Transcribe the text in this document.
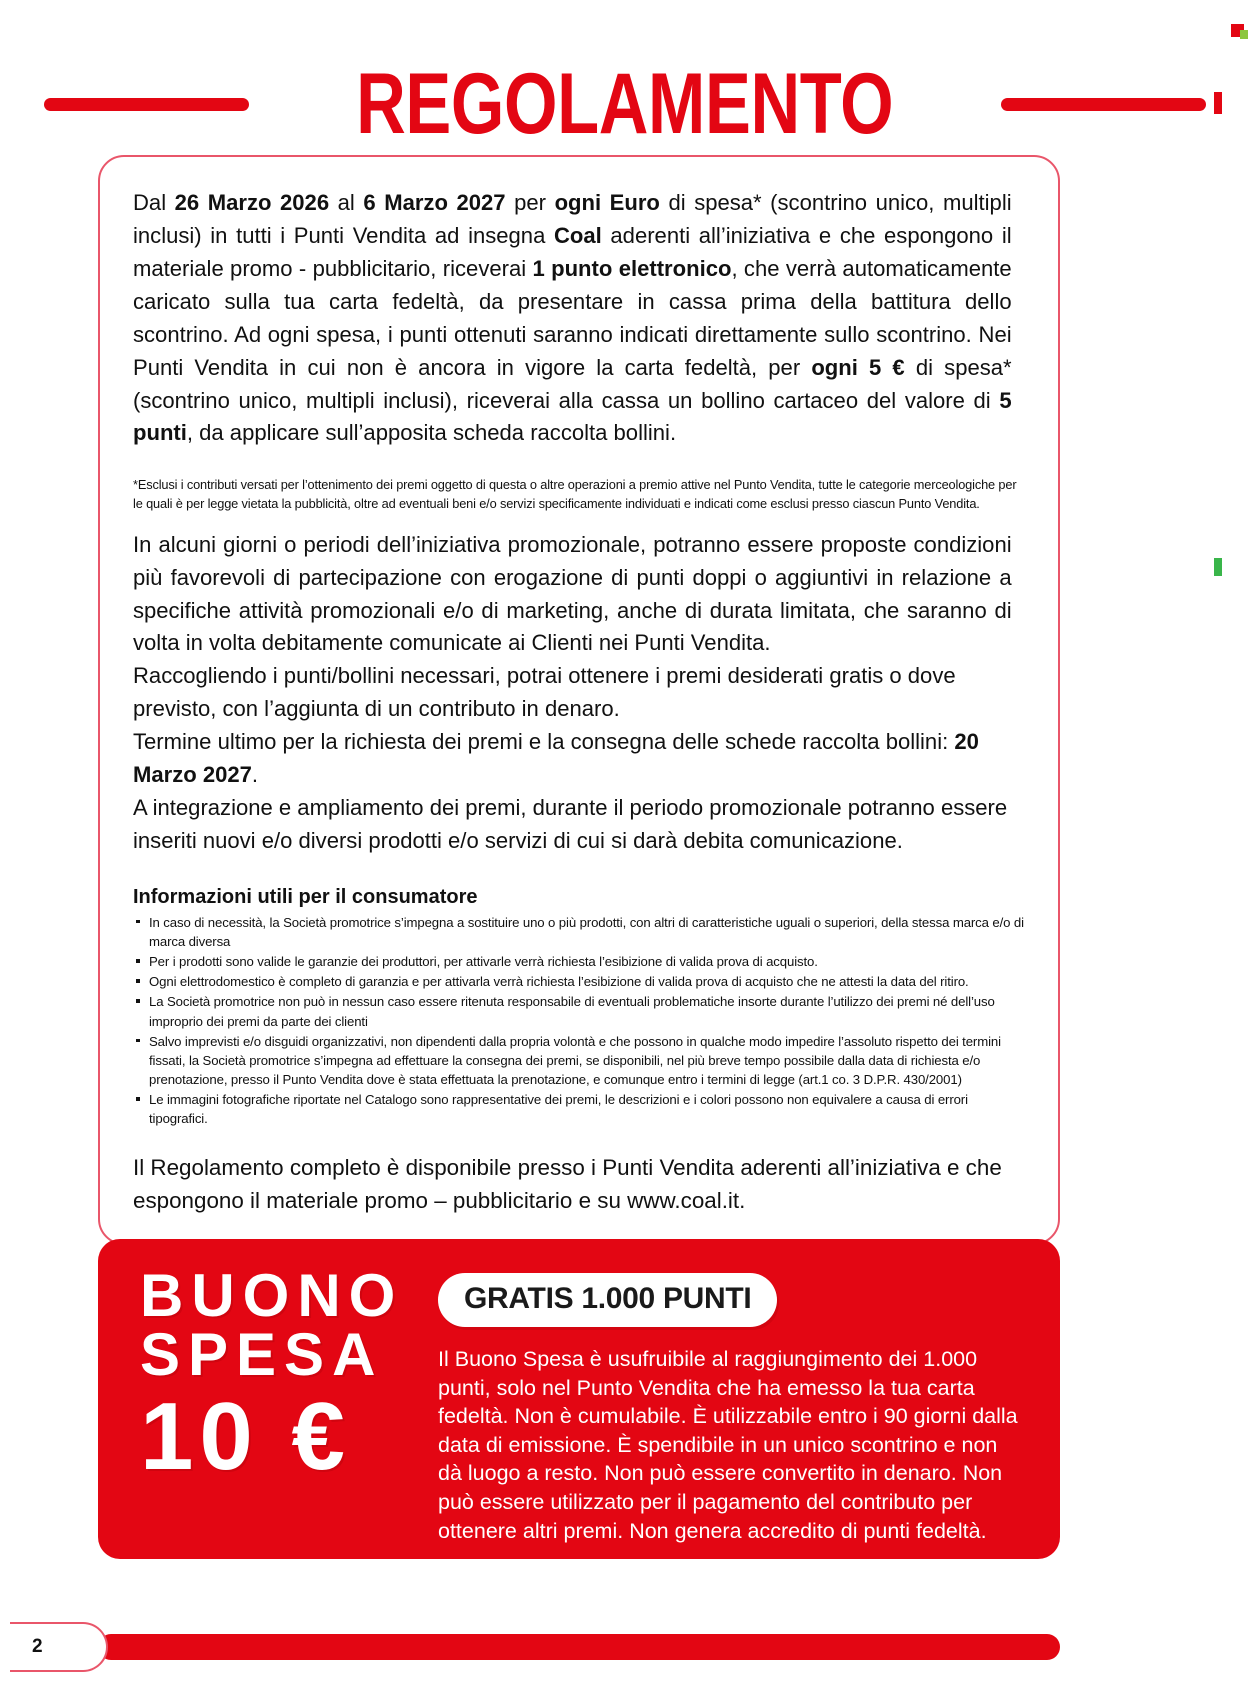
REGOLAMENTO

Dal 26 Marzo 2026 al 6 Marzo 2027 per ogni Euro di spesa* (scontrino unico, multipli inclusi) in tutti i Punti Vendita ad insegna Coal aderenti all’iniziativa e che espongono il materiale promo - pubblicitario, riceverai 1 punto elettronico, che verrà automaticamente caricato sulla tua carta fedeltà, da presentare in cassa prima della battitura dello scontrino. Ad ogni spesa, i punti ottenuti saranno indicati direttamente sullo scontrino. Nei Punti Vendita in cui non è ancora in vigore la carta fedeltà, per ogni 5 € di spesa* (scontrino unico, multipli inclusi), riceverai alla cassa un bollino cartaceo del valore di 5 punti, da applicare sull’apposita scheda raccolta bollini.

*Esclusi i contributi versati per l’ottenimento dei premi oggetto di questa o altre operazioni a premio attive nel Punto Vendita, tutte le categorie merceologiche per le quali è per legge vietata la pubblicità, oltre ad eventuali beni e/o servizi specificamente individuati e indicati come esclusi presso ciascun Punto Vendita.

In alcuni giorni o periodi dell’iniziativa promozionale, potranno essere proposte condizioni più favorevoli di partecipazione con erogazione di punti doppi o aggiuntivi in relazione a specifiche attività promozionali e/o di marketing, anche di durata limitata, che saranno di volta in volta debitamente comunicate ai Clienti nei Punti Vendita.

Raccogliendo i punti/bollini necessari, potrai ottenere i premi desiderati gratis o dove previsto, con l’aggiunta di un contributo in denaro.

Termine ultimo per la richiesta dei premi e la consegna delle schede raccolta bollini: 20 Marzo 2027.

A integrazione e ampliamento dei premi, durante il periodo promozionale potranno essere inseriti nuovi e/o diversi prodotti e/o servizi di cui si darà debita comunicazione.

Informazioni utili per il consumatore
In caso di necessità, la Società promotrice s’impegna a sostituire uno o più prodotti, con altri di caratteristiche uguali o superiori, della stessa marca e/o di marca diversa
Per i prodotti sono valide le garanzie dei produttori, per attivarle verrà richiesta l’esibizione di valida prova di acquisto.
Ogni elettrodomestico è completo di garanzia e per attivarla verrà richiesta l’esibizione di valida prova di acquisto che ne attesti la data del ritiro.
La Società promotrice non può in nessun caso essere ritenuta responsabile di eventuali problematiche insorte durante l’utilizzo dei premi né dell’uso improprio dei premi da parte dei clienti
Salvo imprevisti e/o disguidi organizzativi, non dipendenti dalla propria volontà e che possono in qualche modo impedire l’assoluto rispetto dei termini fissati, la Società promotrice s’impegna ad effettuare la consegna dei premi, se disponibili, nel più breve tempo possibile dalla data di richiesta e/o prenotazione, presso il Punto Vendita dove è stata effettuata la prenotazione, e comunque entro i termini di legge (art.1 co. 3 D.P.R. 430/2001)
Le immagini fotografiche riportate nel Catalogo sono rappresentative dei premi, le descrizioni e i colori possono non equivalere a causa di errori tipografici.

Il Regolamento completo è disponibile presso i Punti Vendita aderenti all’iniziativa e che espongono il materiale promo – pubblicitario e su www.coal.it.

BUONO
SPESA
10 €
GRATIS 1.000 PUNTI
Il Buono Spesa è usufruibile al raggiungimento dei 1.000 punti, solo nel Punto Vendita che ha emesso la tua carta fedeltà. Non è cumulabile. È utilizzabile entro i 90 giorni dalla data di emissione. È spendibile in un unico scontrino e non dà luogo a resto. Non può essere convertito in denaro. Non può essere utilizzato per il pagamento del contributo per ottenere altri premi. Non genera accredito di punti fedeltà.
2
